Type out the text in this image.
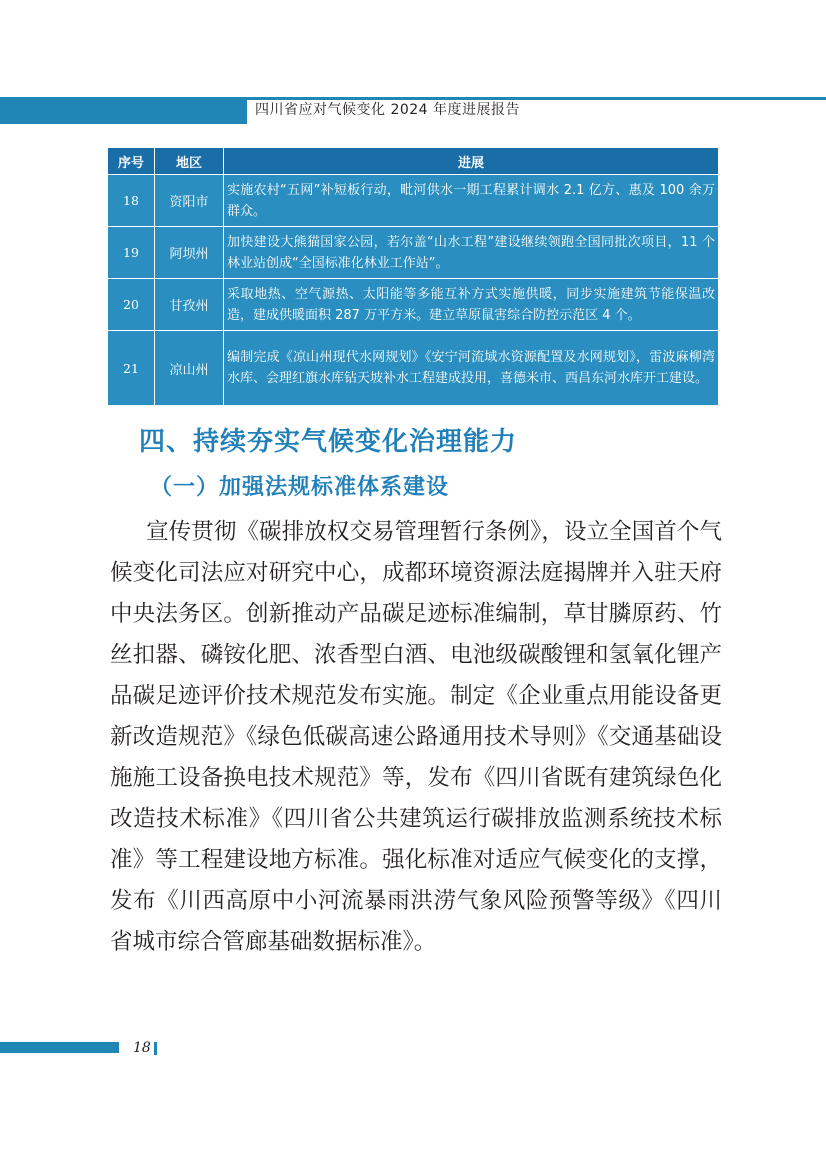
四川省应对气候变化 2024 年度进展报告
序号	地区	进展
18	资阳市	实施农村“五网”补短板行动，毗河供水一期工程累计调水 2.1 亿方、惠及 100 余万群众。
19	阿坝州	加快建设大熊猫国家公园，若尔盖“山水工程”建设继续领跑全国同批次项目，11 个林业站创成“全国标准化林业工作站”。
20	甘孜州	采取地热、空气源热、太阳能等多能互补方式实施供暖，同步实施建筑节能保温改造，建成供暖面积 287 万平方米。建立草原鼠害综合防控示范区 4 个。
21	凉山州	编制完成《凉山州现代水网规划》《安宁河流域水资源配置及水网规划》，雷波麻柳湾水库、会理红旗水库钻天坡补水工程建成投用，喜德米市、西昌东河水库开工建设。
四、持续夯实气候变化治理能力
（一）加强法规标准体系建设
宣传贯彻《碳排放权交易管理暂行条例》，设立全国首个气候变化司法应对研究中心，成都环境资源法庭揭牌并入驻天府中央法务区。创新推动产品碳足迹标准编制，草甘膦原药、竹丝扣器、磷铵化肥、浓香型白酒、电池级碳酸锂和氢氧化锂产品碳足迹评价技术规范发布实施。制定《企业重点用能设备更新改造规范》《绿色低碳高速公路通用技术导则》《交通基础设施施工设备换电技术规范》等，发布《四川省既有建筑绿色化改造技术标准》《四川省公共建筑运行碳排放监测系统技术标准》等工程建设地方标准。强化标准对适应气候变化的支撑，发布《川西高原中小河流暴雨洪涝气象风险预警等级》《四川省城市综合管廊基础数据标准》。
18
